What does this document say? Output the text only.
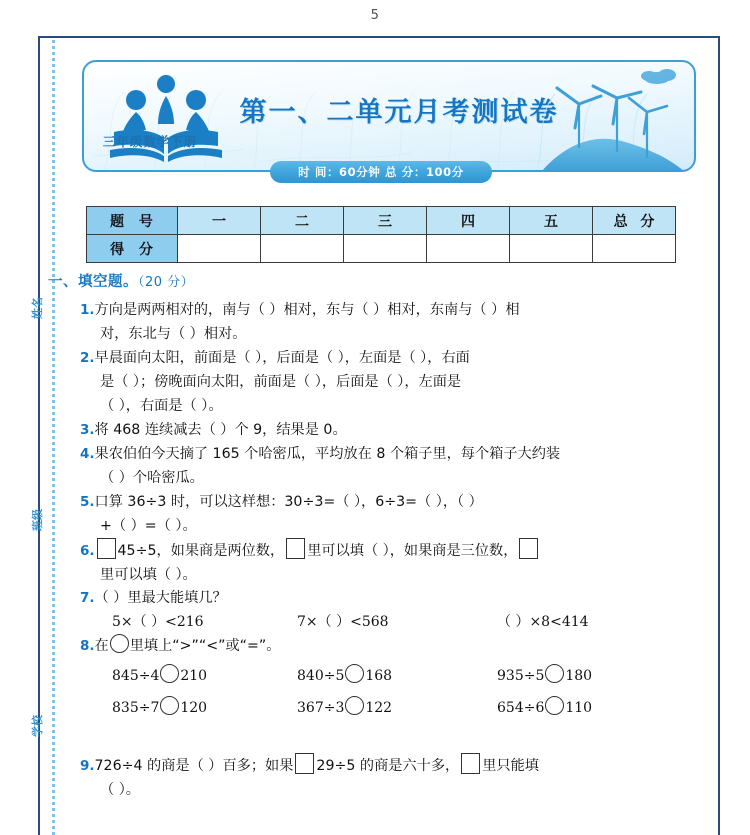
5
姓名
班级
学校
三年级数学下册
第一、二单元月考测试卷
时 间：60分钟 总 分：100分
题 号	一	二	三	四	五	总 分
得 分						
一、填空题。（20 分）
1.方向是两两相对的，南与（ ）相对，东与（ ）相对，东南与（ ）相
对，东北与（ ）相对。
2.早晨面向太阳，前面是（ ），后面是（ ），左面是（ ），右面
是（ ）；傍晚面向太阳，前面是（ ），后面是（ ），左面是
（ ），右面是（ ）。
3.将 468 连续减去（ ）个 9，结果是 0。
4.果农伯伯今天摘了 165 个哈密瓜，平均放在 8 个箱子里，每个箱子大约装
（ ）个哈密瓜。
5.口算 36÷3 时，可以这样想：30÷3=（ ），6÷3=（ ），（ ）
+（ ）=（ ）。
6. 45÷5，如果商是两位数， 里可以填（ ），如果商是三位数，
里可以填（ ）。
7.（ ）里最大能填几？
5×（ ）<216	7×（ ）<568	（ ）×8<414
8.在 里填上“>”“<”或“=”。
845÷4 210	840÷5 168	935÷5 180
835÷7 120	367÷3 122	654÷6 110
9.726÷4 的商是（ ）百多；如果 29÷5 的商是六十多， 里只能填
（ ）。
